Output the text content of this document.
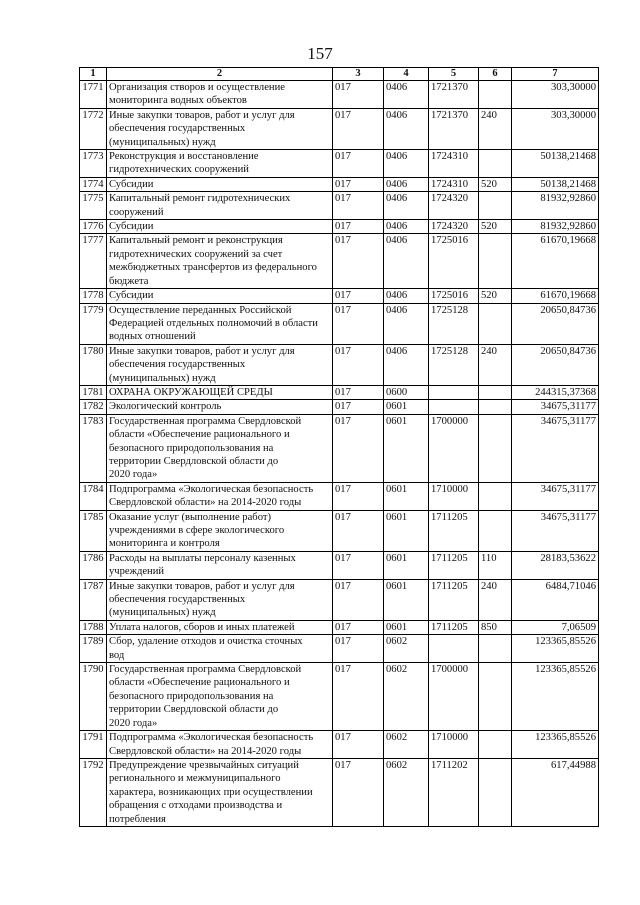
157
1	2	3	4	5	6	7
1771	Организация створов и осуществление
мониторинга водных объектов	017	0406	1721370		303,30000
1772	Иные закупки товаров, работ и услуг для
обеспечения государственных
(муниципальных) нужд	017	0406	1721370	240	303,30000
1773	Реконструкция и восстановление
гидротехнических сооружений	017	0406	1724310		50138,21468
1774	Субсидии	017	0406	1724310	520	50138,21468
1775	Капитальный ремонт гидротехнических
сооружений	017	0406	1724320		81932,92860
1776	Субсидии	017	0406	1724320	520	81932,92860
1777	Капитальный ремонт и реконструкция
гидротехнических сооружений за счет
межбюджетных трансфертов из федерального
бюджета	017	0406	1725016		61670,19668
1778	Субсидии	017	0406	1725016	520	61670,19668
1779	Осуществление переданных Российской
Федерацией отдельных полномочий в области
водных отношений	017	0406	1725128		20650,84736
1780	Иные закупки товаров, работ и услуг для
обеспечения государственных
(муниципальных) нужд	017	0406	1725128	240	20650,84736
1781	ОХРАНА ОКРУЖАЮЩЕЙ СРЕДЫ	017	0600			244315,37368
1782	Экологический контроль	017	0601			34675,31177
1783	Государственная программа Свердловской
области «Обеспечение рационального и
безопасного природопользования на
территории Свердловской области до
2020 года»	017	0601	1700000		34675,31177
1784	Подпрограмма «Экологическая безопасность
Свердловской области» на 2014-2020 годы	017	0601	1710000		34675,31177
1785	Оказание услуг (выполнение работ)
учреждениями в сфере экологического
мониторинга и контроля	017	0601	1711205		34675,31177
1786	Расходы на выплаты персоналу казенных
учреждений	017	0601	1711205	110	28183,53622
1787	Иные закупки товаров, работ и услуг для
обеспечения государственных
(муниципальных) нужд	017	0601	1711205	240	6484,71046
1788	Уплата налогов, сборов и иных платежей	017	0601	1711205	850	7,06509
1789	Сбор, удаление отходов и очистка сточных
вод	017	0602			123365,85526
1790	Государственная программа Свердловской
области «Обеспечение рационального и
безопасного природопользования на
территории Свердловской области до
2020 года»	017	0602	1700000		123365,85526
1791	Подпрограмма «Экологическая безопасность
Свердловской области» на 2014-2020 годы	017	0602	1710000		123365,85526
1792	Предупреждение чрезвычайных ситуаций
регионального и межмуниципального
характера, возникающих при осуществлении
обращения с отходами производства и
потребления	017	0602	1711202		617,44988
